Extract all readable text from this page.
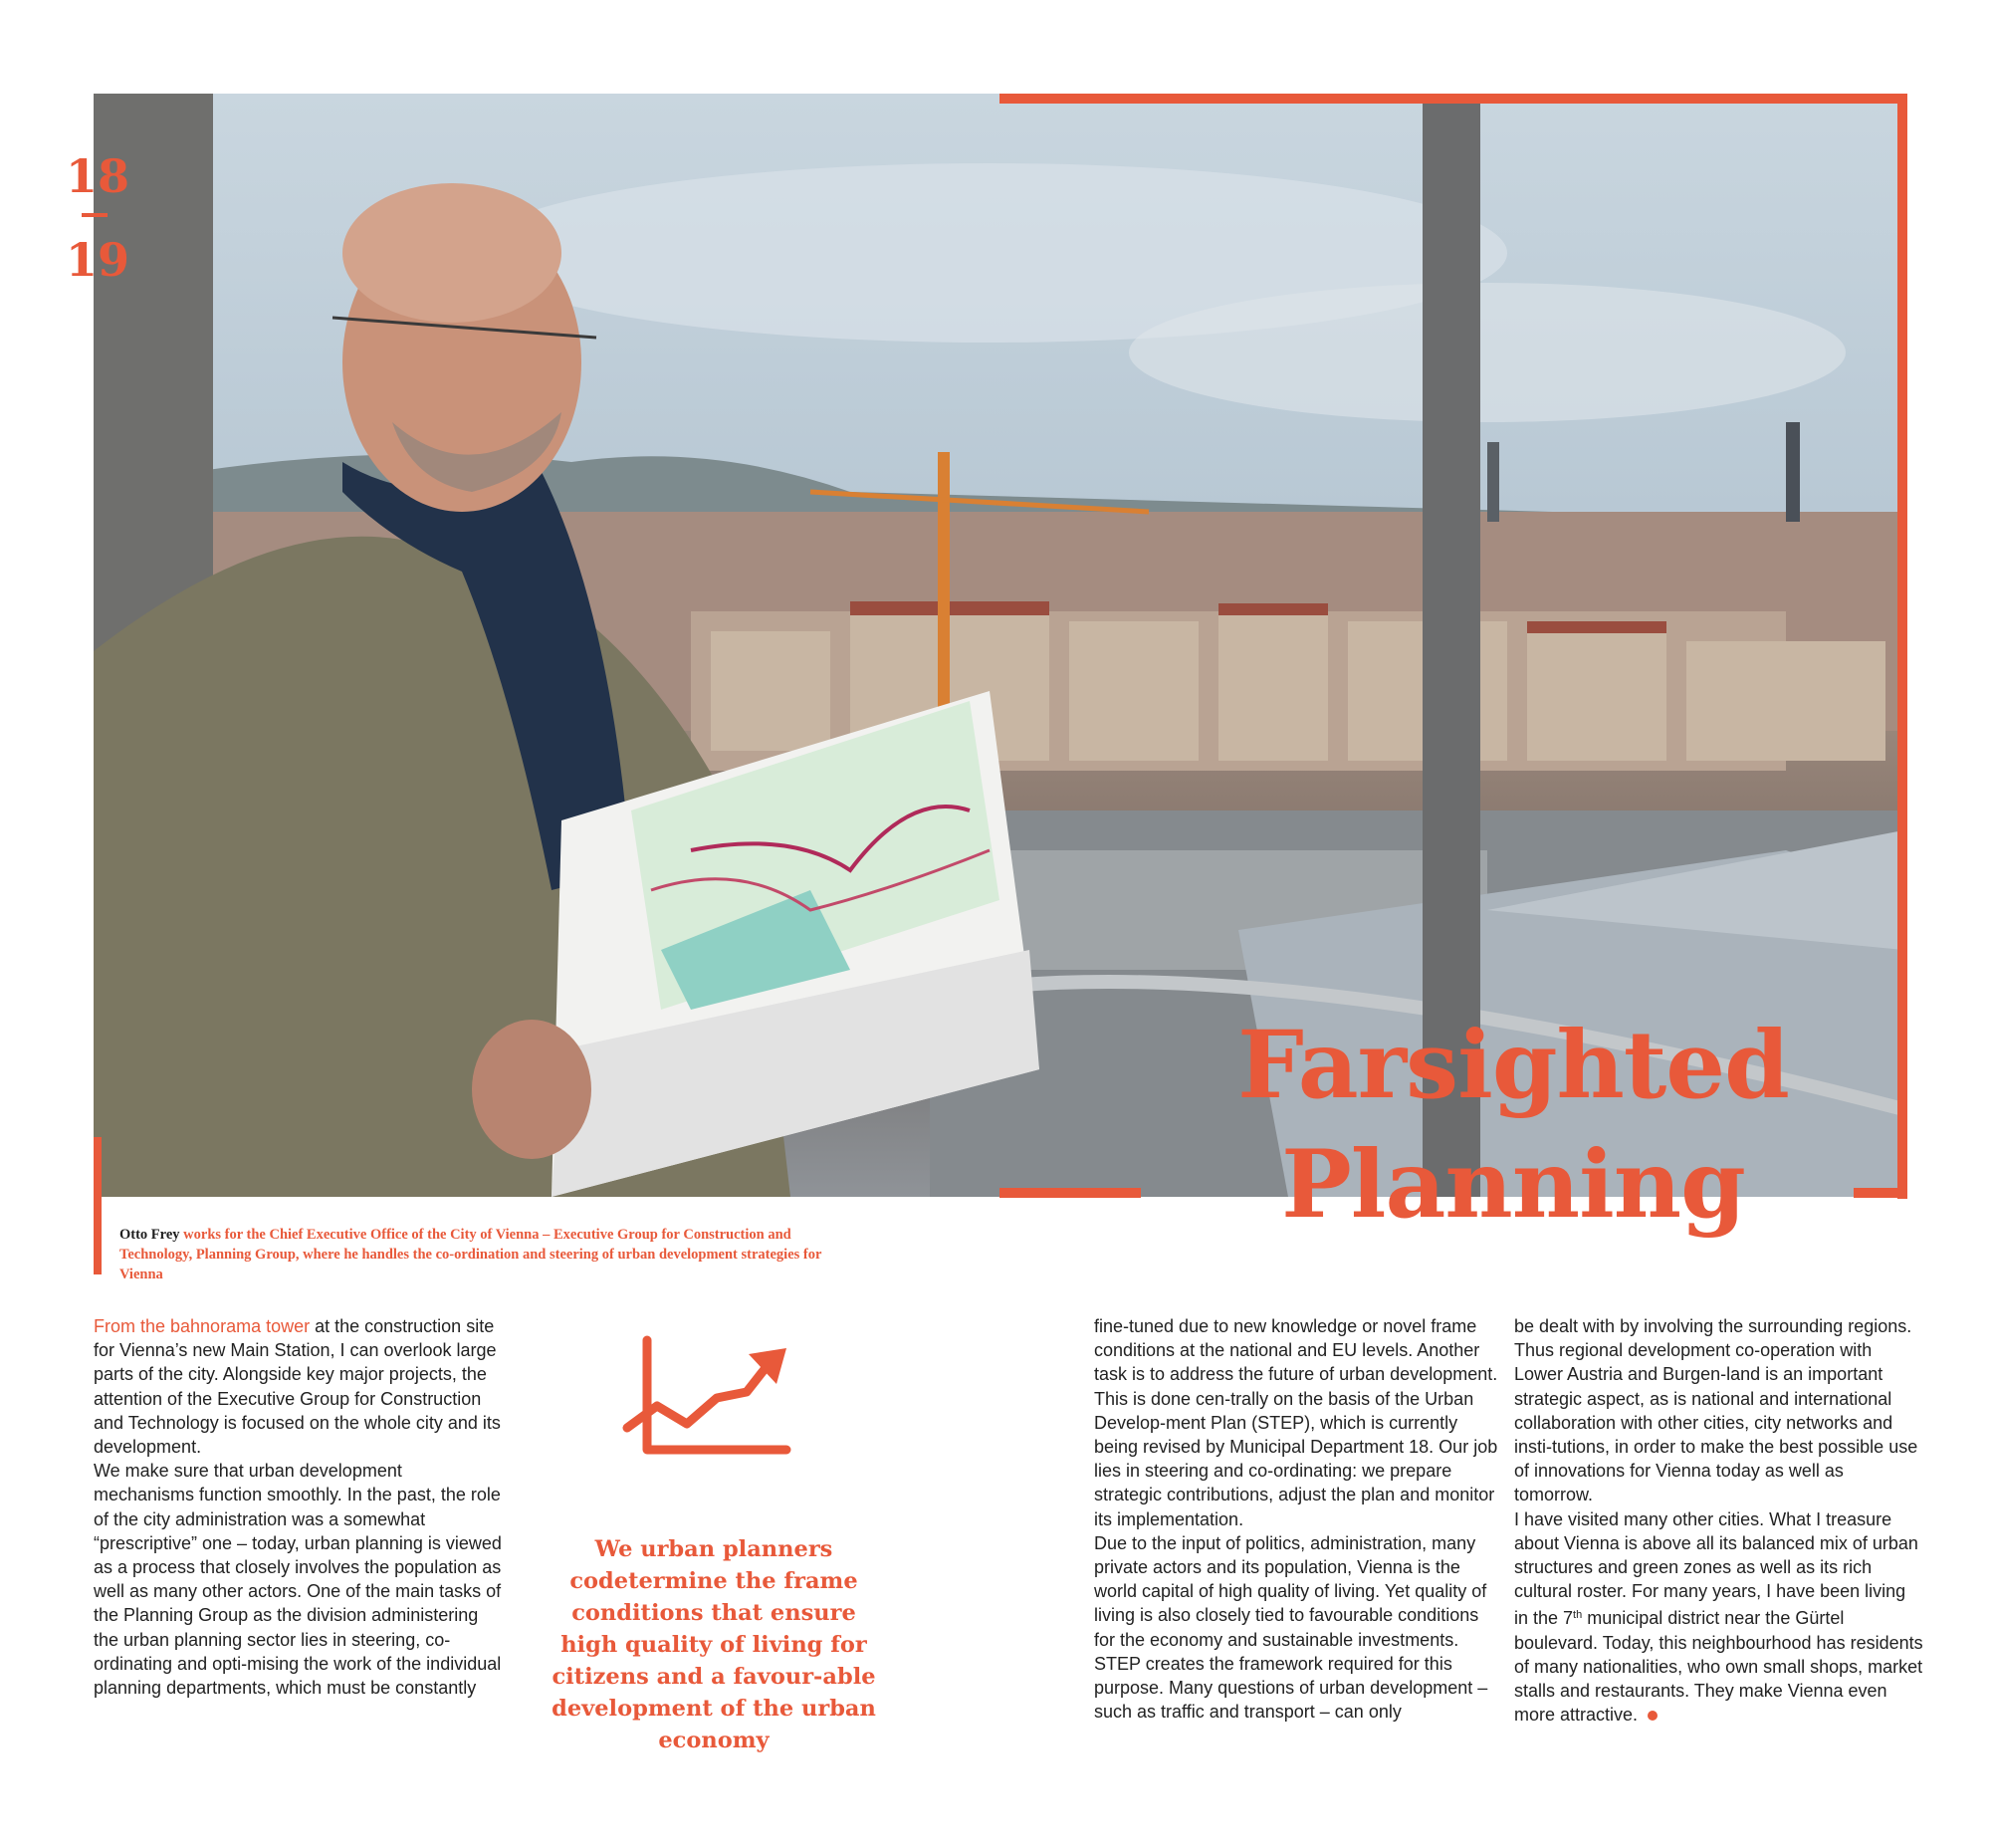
18
19
Farsighted
Planning
Otto Frey works for the Chief Executive Office of the City of Vienna – Executive Group for Construction and Technology, Planning Group, where he handles the co-ordination and steering of urban development strategies for Vienna

From the bahnorama tower at the construction site for Vienna’s new Main Station, I can overlook large parts of the city. Alongside key major projects, the attention of the Executive Group for Construction and Technology is focused on the whole city and its development.

We make sure that urban development mechanisms function smoothly. In the past, the role of the city administration was a somewhat “prescriptive” one – today, urban planning is viewed as a process that closely involves the population as well as many other actors. One of the main tasks of the Planning Group as the division administering the urban planning sector lies in steering, co-ordinating and opti-mising the work of the individual planning departments, which must be constantly

We urban planners codetermine the frame conditions that ensure high quality of living for citizens and a favour-able development of the urban economy

fine-tuned due to new knowledge or novel frame conditions at the national and EU levels. Another task is to address the future of urban development. This is done cen-trally on the basis of the Urban Develop-ment Plan (STEP), which is currently being revised by Municipal Department 18. Our job lies in steering and co-ordinating: we prepare strategic contributions, adjust the plan and monitor its implementation.

Due to the input of politics, administration, many private actors and its population, Vienna is the world capital of high quality of living. Yet quality of living is also closely tied to favourable conditions for the economy and sustainable investments. STEP creates the framework required for this purpose. Many questions of urban development – such as traffic and transport – can only

be dealt with by involving the surrounding regions. Thus regional development co-operation with Lower Austria and Burgen-land is an important strategic aspect, as is national and international collaboration with other cities, city networks and insti-tutions, in order to make the best possible use of innovations for Vienna today as well as tomorrow.

I have visited many other cities. What I treasure about Vienna is above all its balanced mix of urban structures and green zones as well as its rich cultural roster. For many years, I have been living in the 7th municipal district near the Gürtel boulevard. Today, this neighbourhood has residents of many nationalities, who own small shops, market stalls and restaurants. They make Vienna even more attractive.
